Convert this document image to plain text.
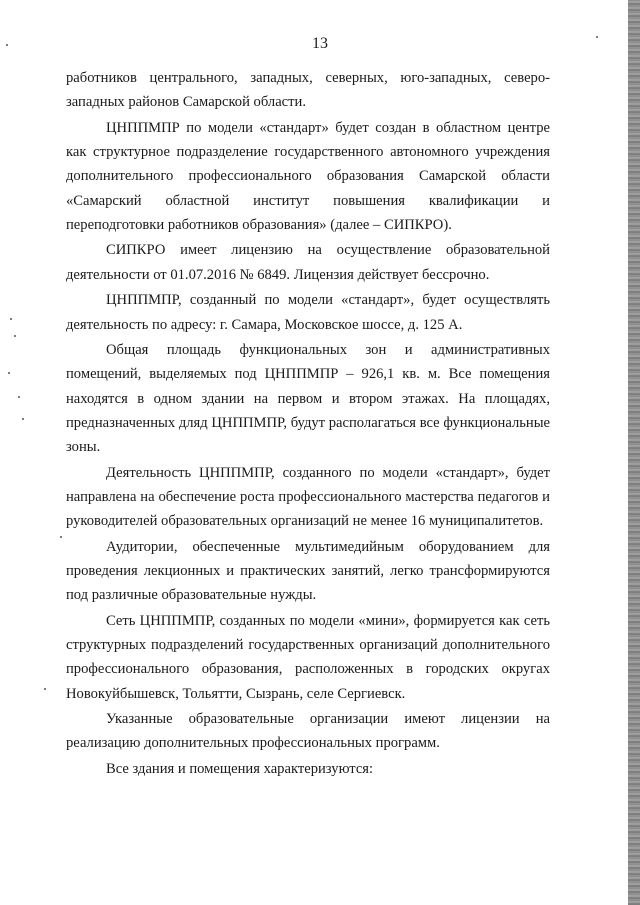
13

работников центрального, западных, северных, юго-западных, северо-западных районов Самарской области.

ЦНППМПР по модели «стандарт» будет создан в областном центре как структурное подразделение государственного автономного учреждения дополнительного профессионального образования Самарской области «Самарский областной институт повышения квалификации и переподготовки работников образования» (далее – СИПКРО).

СИПКРО имеет лицензию на осуществление образовательной деятельности от 01.07.2016 № 6849. Лицензия действует бессрочно.

ЦНППМПР, созданный по модели «стандарт», будет осуществлять деятельность по адресу: г. Самара, Московское шоссе, д. 125 А.

Общая площадь функциональных зон и административных помещений, выделяемых под ЦНППМПР – 926,1 кв. м. Все помещения находятся в одном здании на первом и втором этажах. На площадях, предназначенных дляд ЦНППМПР, будут располагаться все функциональные зоны.

Деятельность ЦНППМПР, созданного по модели «стандарт», будет направлена на обеспечение роста профессионального мастерства педагогов и руководителей образовательных организаций не менее 16 муниципалитетов.

Аудитории, обеспеченные мультимедийным оборудованием для проведения лекционных и практических занятий, легко трансформируются под различные образовательные нужды.

Сеть ЦНППМПР, созданных по модели «мини», формируется как сеть структурных подразделений государственных организаций дополнительного профессионального образования, расположенных в городских округах Новокуйбышевск, Тольятти, Сызрань, селе Сергиевск.

Указанные образовательные организации имеют лицензии на реализацию дополнительных профессиональных программ.

Все здания и помещения характеризуются:
